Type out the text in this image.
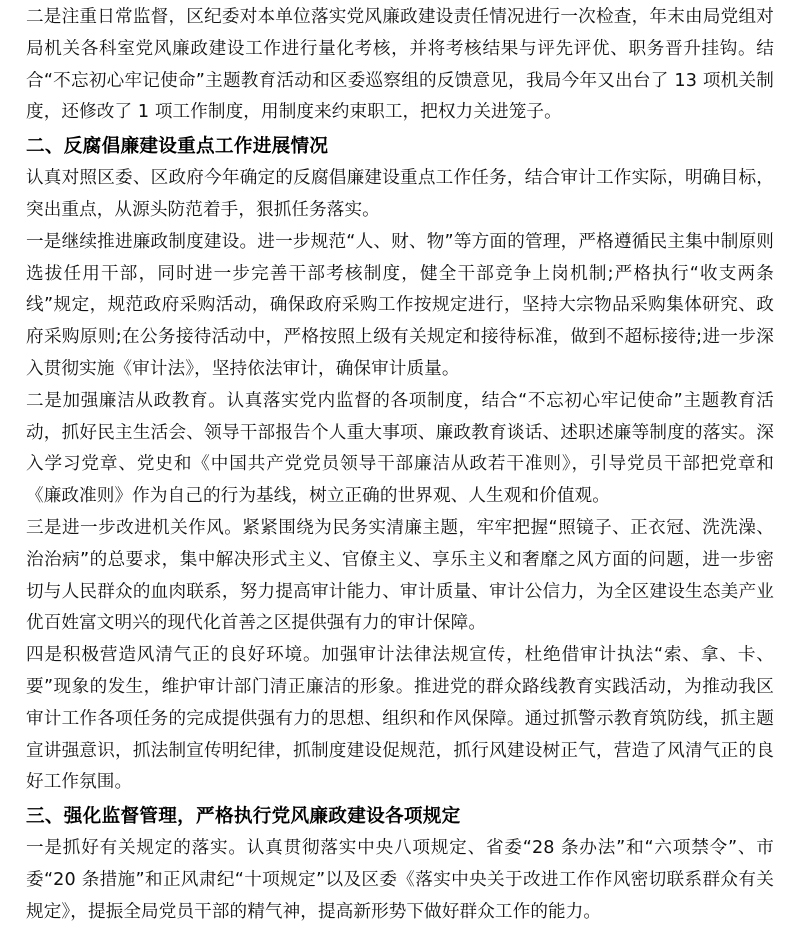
二是注重日常监督，区纪委对本单位落实党风廉政建设责任情况进行一次检查，年末由局党组对局机关各科室党风廉政建设工作进行量化考核，并将考核结果与评先评优、职务晋升挂钩。结合“不忘初心牢记使命”主题教育活动和区委巡察组的反馈意见，我局今年又出台了 13 项机关制度，还修改了 1 项工作制度，用制度来约束职工，把权力关进笼子。

二、反腐倡廉建设重点工作进展情况

认真对照区委、区政府今年确定的反腐倡廉建设重点工作任务，结合审计工作实际，明确目标，突出重点，从源头防范着手，狠抓任务落实。

一是继续推进廉政制度建设。进一步规范“人、财、物”等方面的管理，严格遵循民主集中制原则选拔任用干部，同时进一步完善干部考核制度，健全干部竞争上岗机制;严格执行“收支两条线”规定，规范政府采购活动，确保政府采购工作按规定进行，坚持大宗物品采购集体研究、政府采购原则;在公务接待活动中，严格按照上级有关规定和接待标准，做到不超标接待;进一步深入贯彻实施《审计法》，坚持依法审计，确保审计质量。

二是加强廉洁从政教育。认真落实党内监督的各项制度，结合“不忘初心牢记使命”主题教育活动，抓好民主生活会、领导干部报告个人重大事项、廉政教育谈话、述职述廉等制度的落实。深入学习党章、党史和《中国共产党党员领导干部廉洁从政若干准则》，引导党员干部把党章和《廉政准则》作为自己的行为基线，树立正确的世界观、人生观和价值观。

三是进一步改进机关作风。紧紧围绕为民务实清廉主题，牢牢把握“照镜子、正衣冠、洗洗澡、治治病”的总要求，集中解决形式主义、官僚主义、享乐主义和奢靡之风方面的问题，进一步密切与人民群众的血肉联系，努力提高审计能力、审计质量、审计公信力，为全区建设生态美产业优百姓富文明兴的现代化首善之区提供强有力的审计保障。

四是积极营造风清气正的良好环境。加强审计法律法规宣传，杜绝借审计执法“索、拿、卡、要”现象的发生，维护审计部门清正廉洁的形象。推进党的群众路线教育实践活动，为推动我区审计工作各项任务的完成提供强有力的思想、组织和作风保障。通过抓警示教育筑防线，抓主题宣讲强意识，抓法制宣传明纪律，抓制度建设促规范，抓行风建设树正气，营造了风清气正的良好工作氛围。

三、强化监督管理，严格执行党风廉政建设各项规定

一是抓好有关规定的落实。认真贯彻落实中央八项规定、省委“28 条办法”和“六项禁令”、市委“20 条措施”和正风肃纪“十项规定”以及区委《落实中央关于改进工作作风密切联系群众有关规定》，提振全局党员干部的精气神，提高新形势下做好群众工作的能力。
